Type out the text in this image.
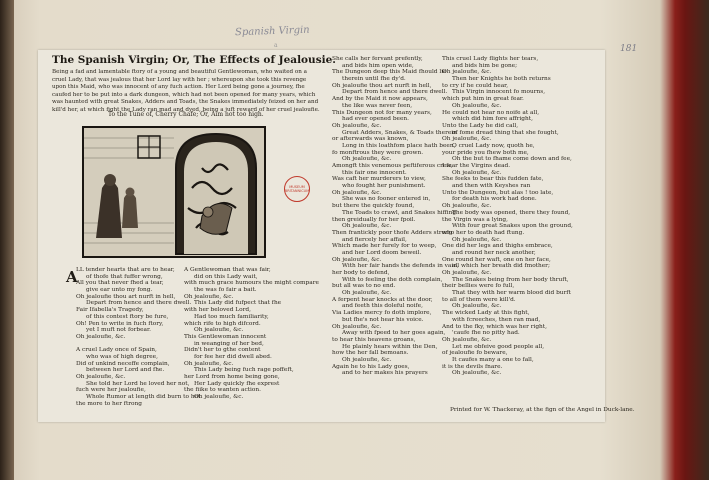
Spanish Virgin
a	181
The Spanish Virgin; Or, The Effects of Jealousie.
Being a fad and lamentable ftory of a young and beautiful Gentlewoman, who waited on a cruel Lady, that was jealous that her Lord lay with her ; whereupon she took this revenge upon this Maid, who was innocent of any fuch action. Her Lord being gone a journey, fhe caufed her to be put into a dark dungeon, which had not been opened for many years, which was haunted with great Snakes, Adders and Toads, the Snakes immediately feized on her and kill'd her, at which fight the Lady ran mad and dyed, being a juft reward of her cruel jealoufie.
To the Tune of, Cherry Chafe; Or, Aim not too high.
MUSEUM BRITANNICUM
A
LL tender hearts that are to hear,
of thofe that fuffer wrong,
All you that never fhed a tear,
give ear unto my fong.
Oh jealoufie thou art nurft in hell,
Depart from hence and there dwell.
Fair Ifabella's Tragedy,
of this contest ftory be fure,
Oh! Pen to write in fuch ftory,
yet I muft not forbear.
Oh jealoufie, &c.
A cruel Lady once of Spain,
who was of high degree,
Did of unkind neceffe complain,
between her Lord and fhe.
Oh jealoufie, &c.
She told her Lord he loved her not,
fuch were her jealoufie,
Whole Rumor at length did burn to hot
the more to her ftrong
A Gentlewoman that was fair,
did on this Lady wait,
with much grace humours the might compare
the was fo fair a bait.
Oh jealoufie, &c.
This Lady did fufpect that fhe
with her beloved Lord,
Had too much familiarity,
which rife to high difcord.
Oh jealoufie, &c.
This Gentlewoman innocent
in weanging of her bed,
Didn't her to gthe content
for fee her did dwell abed.
Oh jealoufie, &c.
This Lady being fuch rage poffeft,
her Lord from home being gone,
Her Lady quickly fhe exprest
the fiike to wanten action.
Oh jealoufie, &c.
She calls her fervant prefently,
and bids him open wide,
The Dungeon deep this Maid fhould lie
therein until fhe dy'd.
Oh jealoufie thou art nurft in hell,
Depart from hence and there dwell.
And by the Maid it now appears,
the like was never feen,
This Dungeon not for many years,
had ever opened been.
Oh jealoufie, &c.
Great Adders, Snakes, & Toads therein
or afterwards was known,
Long in this loathfom place hath been,
fo monftrous they were grown.
Oh jealoufie, &c.
Amongft this venemous peftiferous crew,
this fair one innocent.
Was caft her murderers to view,
who fought her punishment.
Oh jealoufie, &c.
She was no fooner entered in,
but there the quickly found,
The Toads to crawl, and Snakes hiffing
then greidually for her fpoil.
Oh jealoufie, &c.
Then frantickly poor thofe Adders strong
and fiercely her affail,
Which made her furely for to weep,
and her Lord doom beweil.
Oh jealoufie, &c.
With her fair hands the defends in vain,
her body to defend,
With to feeling the doth complain,
but all was to no end.
Oh jealoufie, &c.
A ferpent hear knocks at the door,
and feeth this doleful noife,
Via Ladies mercy fo doth implore,
but fhe's not hear his voice.
Oh jealoufie, &c.
Away with fpeed to her goes again,
to hear this heavens groans,
He plainly hears within the Den,
how the her fall bemoans.
Oh jealoufie, &c.
Again he to his Lady goes,
and to her makes his prayers
This cruel Lady flights her tears,
and bids him be gone;
Oh jealoufie, &c.
Then her Knights he both returns
to cry if he could hear,
This Virgin innocent fo mourns,
which put him in great fear.
Oh jealoufie, &c.
He could not hear no noife at all,
which did him fore affright,
Unto the Lady he did call,
of fome dread thing that she fought,
Oh jealoufie, &c.
O cruel Lady now, quoth he,
your pride you fhew both me,
Oh the but to fhame come down and fee,
I fear the Virgins dead.
Oh jealoufie, &c.
She feeks to bear this fudden fate,
and then with Keyshes ran
Unto the Dungeon, but alas ! too late,
for death his work had done.
Oh jealoufie, &c.
The body was opened, there they found,
the Virgin was a lying,
With four great Snakes upon the ground,
who her to death had ftung.
Oh jealoufie, &c.
One did her legs and thighs embrace,
and round her neck another,
One round her waft, one on her face,
all which her breath did fmother;
Oh jealoufie, &c.
The Snakes being from her body thruft,
their bellies were fo full,
That they with her warm blood did burft
to all of them were kill'd.
Oh jealoufie, &c.
The wicked Lady at this fight,
with fcreeches, then ran mad,
And to the fky, which was her right,
'caufe fhe no pitty had.
Oh jealoufie, &c.
Let me obfeive good people all,
of jealoufie fo beware,
It caufes many a one to fall,
it is the devils fnare.
Oh jealoufie, &c.
Printed for W. Thackeray, at the fign of the Angel in Duck-lane.
